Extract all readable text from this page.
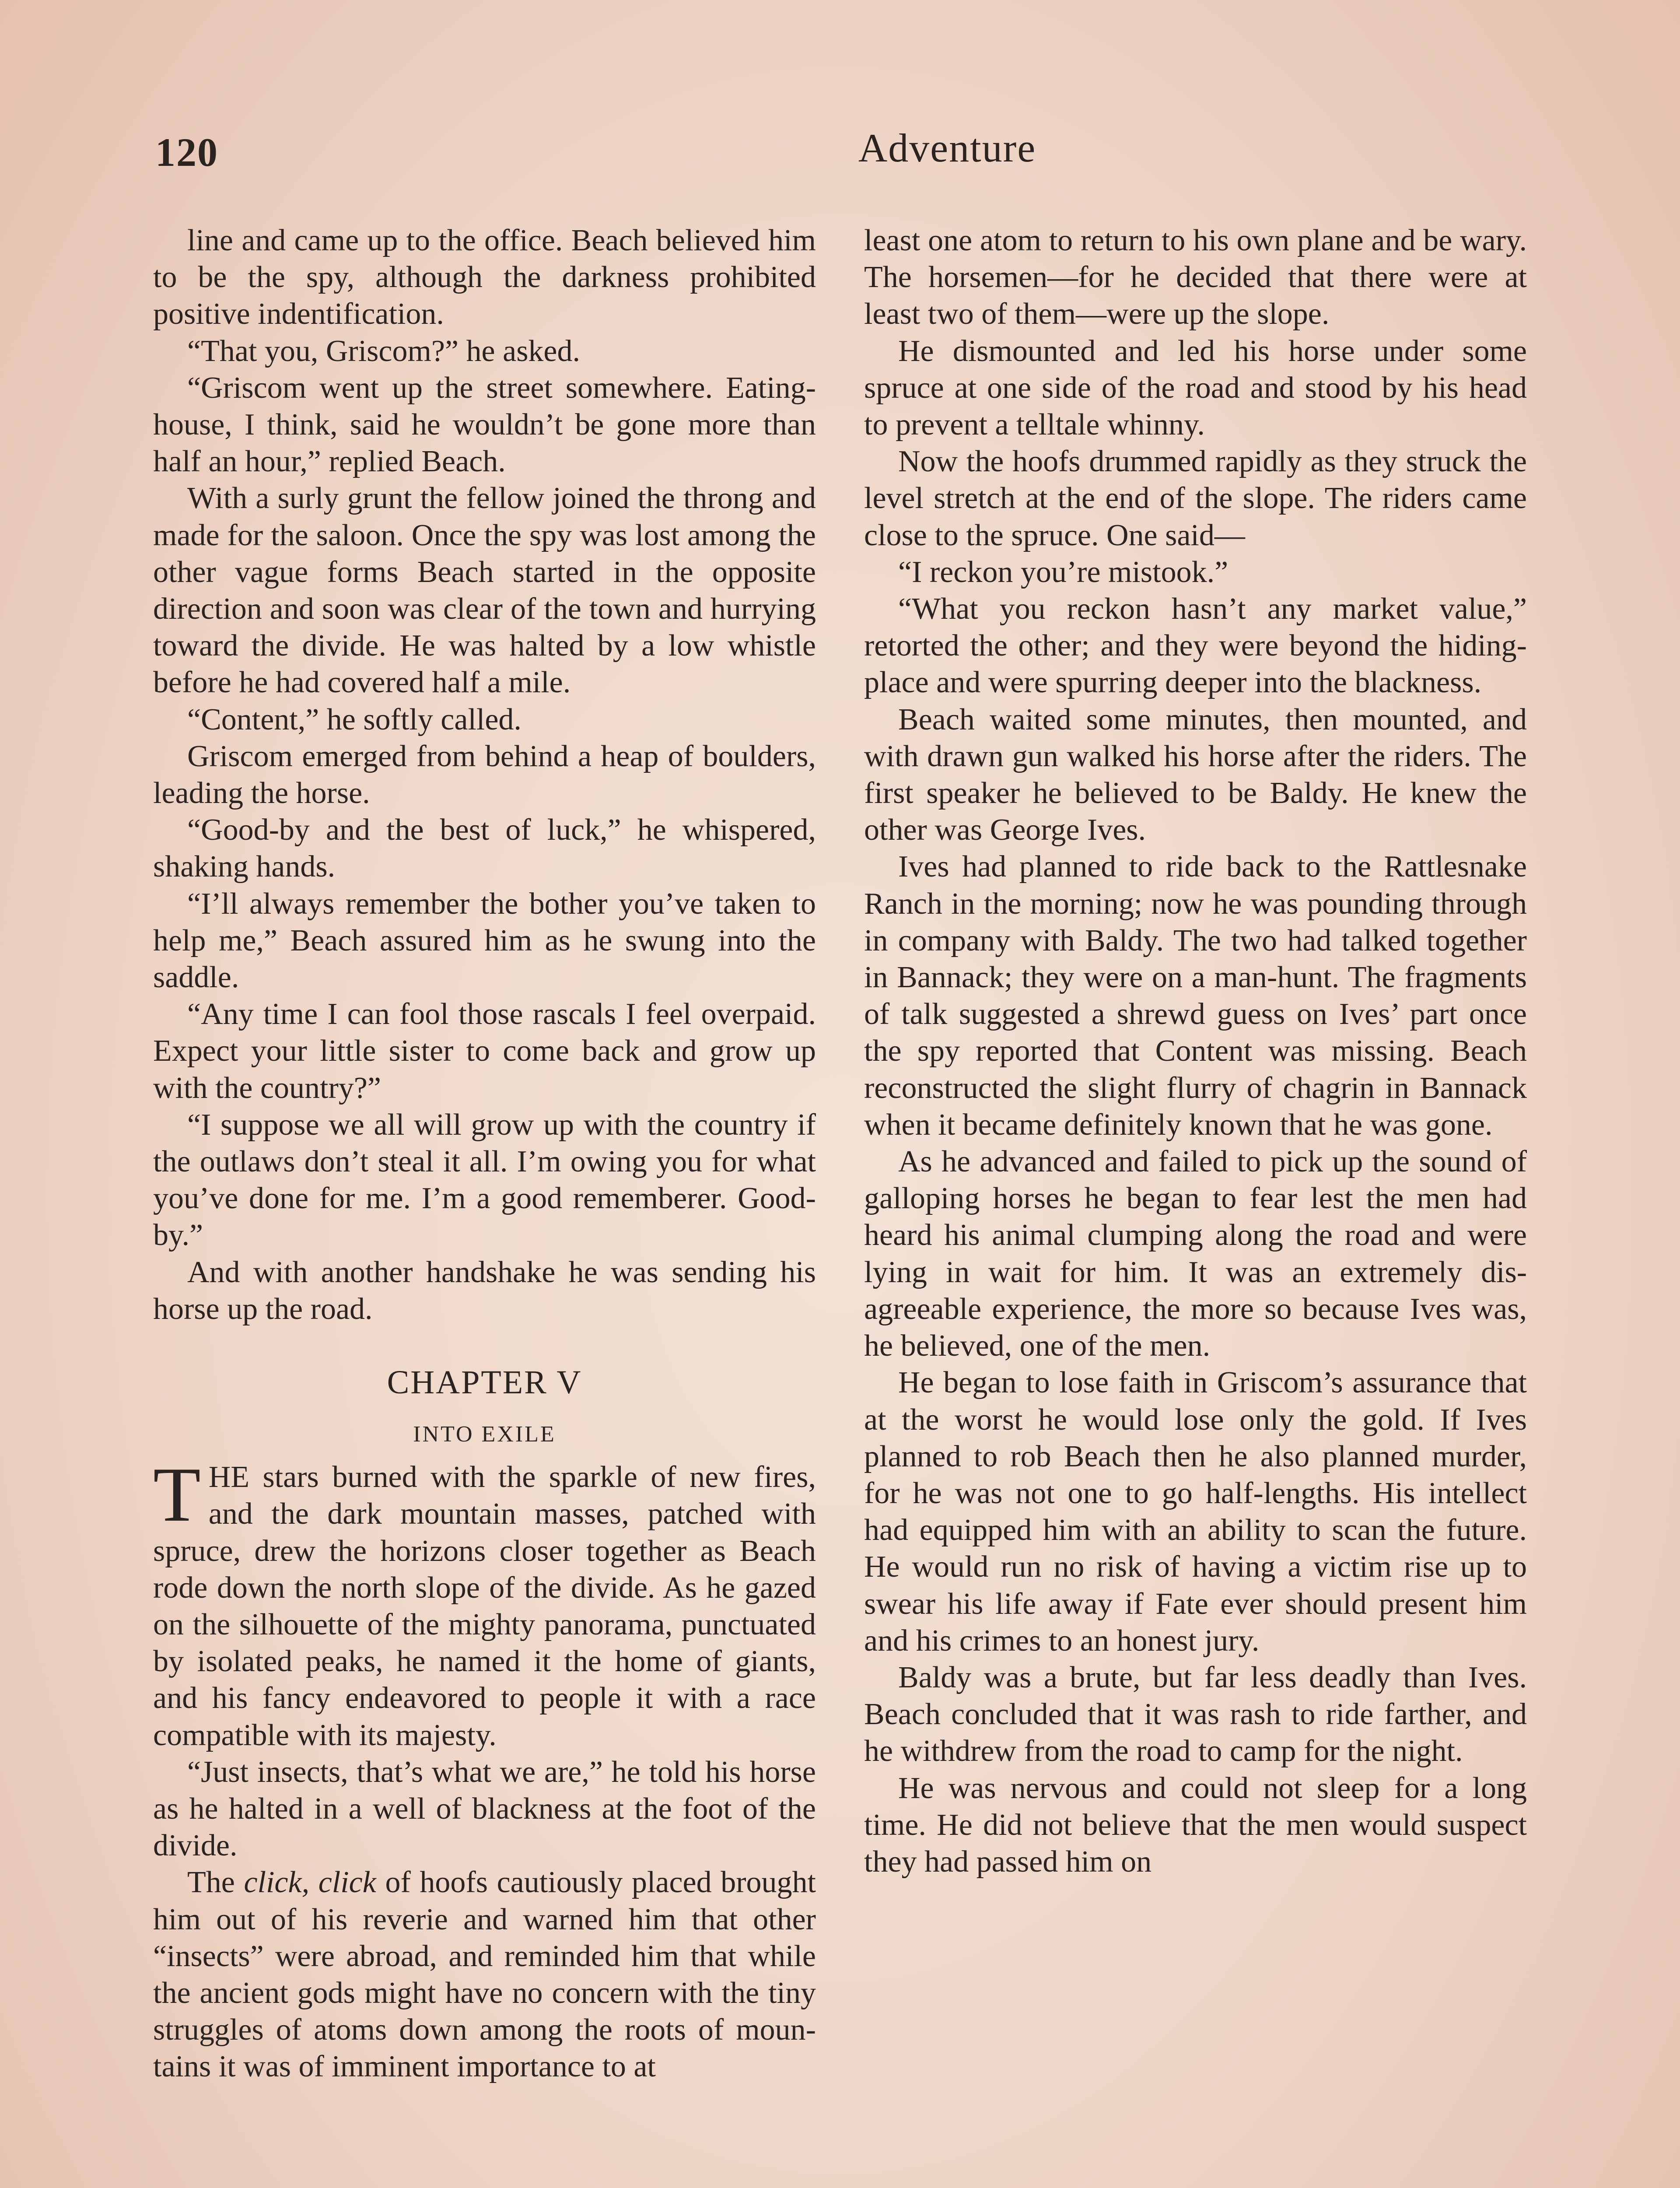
120	Adventure

line and came up to the office. Beach believed him to be the spy, although the darkness prohibited positive indentification.

“That you, Griscom?” he asked.

“Griscom went up the street somewhere. Eating-house, I think, said he wouldn’t be gone more than half an hour,” replied Beach.

With a surly grunt the fellow joined the throng and made for the saloon. Once the spy was lost among the other vague forms Beach started in the opposite direction and soon was clear of the town and hurrying toward the divide. He was halted by a low whistle before he had covered half a mile.

“Content,” he softly called.

Griscom emerged from behind a heap of boulders, leading the horse.

“Good-by and the best of luck,” he whispered, shaking hands.

“I’ll always remember the bother you’ve taken to help me,” Beach assured him as he swung into the saddle.

“Any time I can fool those rascals I feel overpaid. Expect your little sister to come back and grow up with the country?”

“I suppose we all will grow up with the country if the outlaws don’t steal it all. I’m owing you for what you’ve done for me. I’m a good rememberer. Good-by.”

And with another handshake he was sending his horse up the road.

CHAPTER V
INTO EXILE

THE stars burned with the sparkle of new fires, and the dark mountain masses, patched with spruce, drew the horizons closer together as Beach rode down the north slope of the divide. As he gazed on the silhouette of the mighty panorama, punctuated by isolated peaks, he named it the home of giants, and his fancy endeavored to people it with a race compatible with its majesty.

“Just insects, that’s what we are,” he told his horse as he halted in a well of blackness at the foot of the divide.

The click, click of hoofs cautiously placed brought him out of his reverie and warned him that other “insects” were abroad, and reminded him that while the ancient gods might have no concern with the tiny struggles of atoms down among the roots of mountains it was of imminent importance to at

least one atom to return to his own plane and be wary. The horsemen—for he decided that there were at least two of them—were up the slope.

He dismounted and led his horse under some spruce at one side of the road and stood by his head to prevent a telltale whinny.

Now the hoofs drummed rapidly as they struck the level stretch at the end of the slope. The riders came close to the spruce. One said—

“I reckon you’re mistook.”

“What you reckon hasn’t any market value,” retorted the other; and they were beyond the hiding-place and were spurring deeper into the blackness.

Beach waited some minutes, then mounted, and with drawn gun walked his horse after the riders. The first speaker he believed to be Baldy. He knew the other was George Ives.

Ives had planned to ride back to the Rattlesnake Ranch in the morning; now he was pounding through in company with Baldy. The two had talked together in Bannack; they were on a man-hunt. The fragments of talk suggested a shrewd guess on Ives’ part once the spy reported that Content was missing. Beach reconstructed the slight flurry of chagrin in Bannack when it became definitely known that he was gone.

As he advanced and failed to pick up the sound of galloping horses he began to fear lest the men had heard his animal clumping along the road and were lying in wait for him. It was an extremely disagreeable experience, the more so because Ives was, he believed, one of the men.

He began to lose faith in Griscom’s assurance that at the worst he would lose only the gold. If Ives planned to rob Beach then he also planned murder, for he was not one to go half-lengths. His intellect had equipped him with an ability to scan the future. He would run no risk of having a victim rise up to swear his life away if Fate ever should present him and his crimes to an honest jury.

Baldy was a brute, but far less deadly than Ives. Beach concluded that it was rash to ride farther, and he withdrew from the road to camp for the night.

He was nervous and could not sleep for a long time. He did not believe that the men would suspect they had passed him on
